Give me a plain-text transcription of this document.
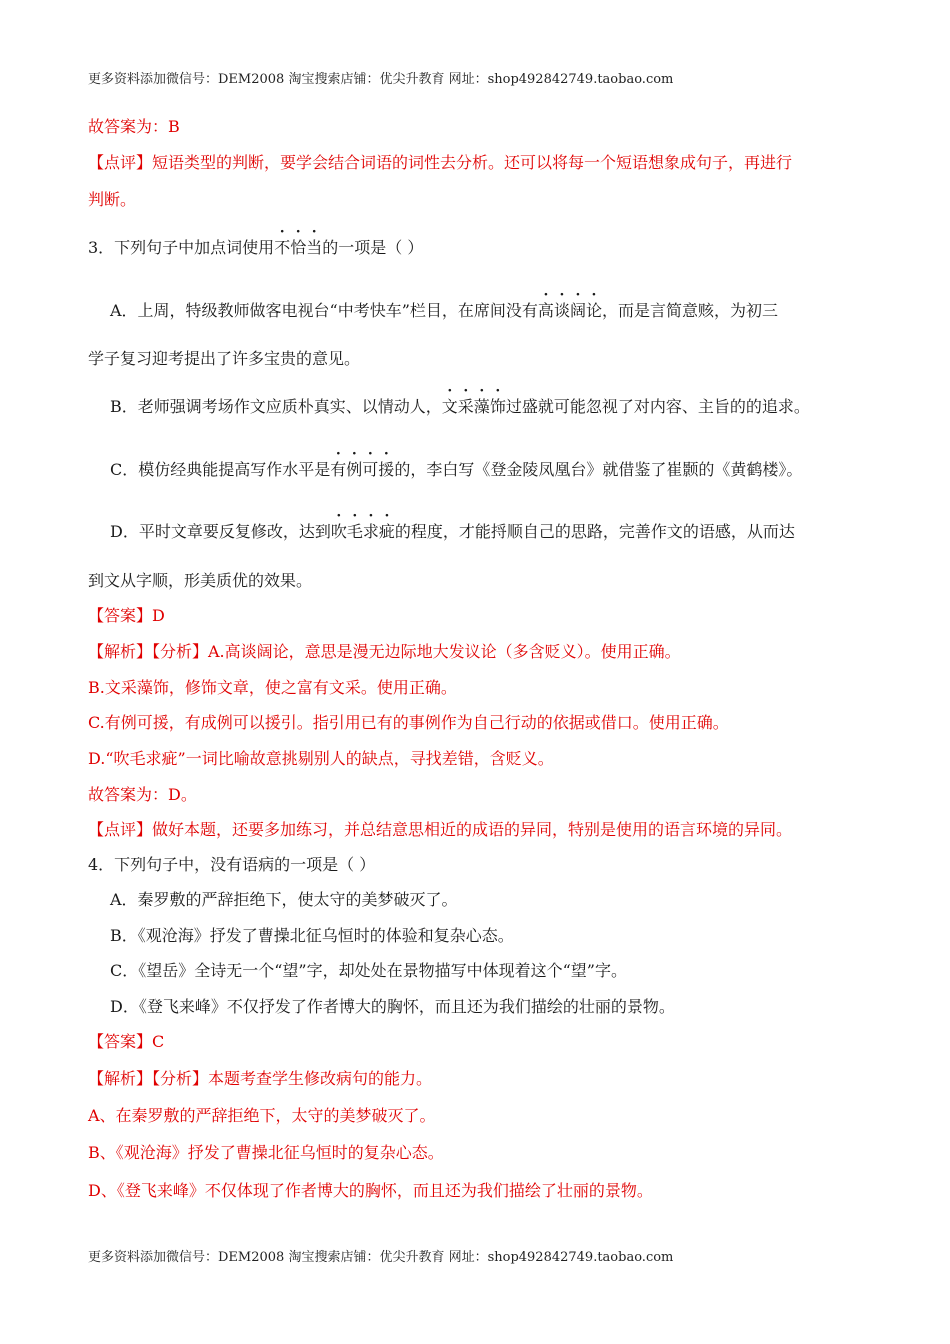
更多资料添加微信号：DEM2008 淘宝搜索店铺：优尖升教育 网址：shop492842749.taobao.com
故答案为：B
【点评】短语类型的判断，要学会结合词语的词性去分析。还可以将每一个短语想象成句子，再进行
判断。
3．下列句子中加点词使用不恰当的一项是（ ）
A．上周，特级教师做客电视台“中考快车”栏目，在席间没有高谈阔论，而是言简意赅，为初三
学子复习迎考提出了许多宝贵的意见。
B．老师强调考场作文应质朴真实、以情动人，文采藻饰过盛就可能忽视了对内容、主旨的的追求。
C．模仿经典能提高写作水平是有例可援的，李白写《登金陵凤凰台》就借鉴了崔颢的《黄鹤楼》。
D．平时文章要反复修改，达到吹毛求疵的程度，才能捋顺自己的思路，完善作文的语感，从而达
到文从字顺，形美质优的效果。
【答案】D
【解析】【分析】A.高谈阔论，意思是漫无边际地大发议论（多含贬义）。使用正确。
B.文采藻饰，修饰文章，使之富有文采。使用正确。
C.有例可援，有成例可以援引。指引用已有的事例作为自己行动的依据或借口。使用正确。
D.“吹毛求疵”一词比喻故意挑剔别人的缺点，寻找差错，含贬义。
故答案为：D。
【点评】做好本题，还要多加练习，并总结意思相近的成语的异同，特别是使用的语言环境的异同。
4．下列句子中，没有语病的一项是（ ）
A．秦罗敷的严辞拒绝下，使太守的美梦破灭了。
B．《观沧海》抒发了曹操北征乌恒时的体验和复杂心态。
C．《望岳》全诗无一个“望”字，却处处在景物描写中体现着这个“望”字。
D．《登飞来峰》不仅抒发了作者博大的胸怀，而且还为我们描绘的壮丽的景物。
【答案】C
【解析】【分析】本题考查学生修改病句的能力。
A、在秦罗敷的严辞拒绝下，太守的美梦破灭了。
B、《观沧海》抒发了曹操北征乌恒时的复杂心态。
D、《登飞来峰》不仅体现了作者博大的胸怀，而且还为我们描绘了壮丽的景物。
更多资料添加微信号：DEM2008 淘宝搜索店铺：优尖升教育 网址：shop492842749.taobao.com
